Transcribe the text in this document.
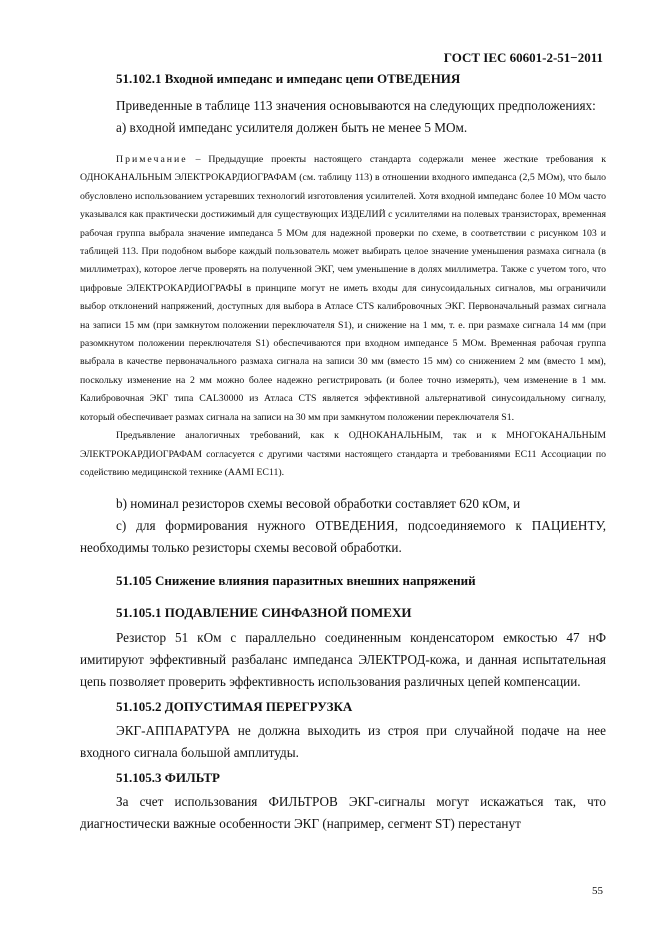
ГОСТ IEC 60601-2-51−2011

51.102.1 Входной импеданс и импеданс цепи ОТВЕДЕНИЯ

Приведенные в таблице 113 значения основываются на следующих предположениях:

а) входной импеданс усилителя должен быть не менее 5 МОм.

Примечание – Предыдущие проекты настоящего стандарта содержали менее жесткие требования к ОДНОКАНАЛЬНЫМ ЭЛЕКТРОКАРДИОГРАФАМ (см. таблицу 113) в отношении входного импеданса (2,5 МОм), что было обусловлено использованием устаревших технологий изготовления усилителей. Хотя входной импеданс более 10 МОм часто указывался как практически достижимый для существующих ИЗДЕЛИЙ с усилителями на полевых транзисторах, временная рабочая группа выбрала значение импеданса 5 МОм для надежной проверки по схеме, в соответствии с рисунком 103 и таблицей 113. При подобном выборе каждый пользователь может выбирать целое значение уменьшения размаха сигнала (в миллиметрах), которое легче проверять на полученной ЭКГ, чем уменьшение в долях миллиметра. Также с учетом того, что цифровые ЭЛЕКТРОКАРДИОГРАФЫ в принципе могут не иметь входы для синусоидальных сигналов, мы ограничили выбор отклонений напряжений, доступных для выбора в Атласе CTS калибровочных ЭКГ. Первоначальный размах сигнала на записи 15 мм (при замкнутом положении переключателя S1), и снижение на 1 мм, т. е. при размахе сигнала 14 мм (при разомкнутом положении переключателя S1) обеспечиваются при входном импедансе 5 МОм. Временная рабочая группа выбрала в качестве первоначального размаха сигнала на записи 30 мм (вместо 15 мм) со снижением 2 мм (вместо 1 мм), поскольку изменение на 2 мм можно более надежно регистрировать (и более точно измерять), чем изменение в 1 мм. Калибровочная ЭКГ типа CAL30000 из Атласа CTS является эффективной альтернативой синусоидальному сигналу, который обеспечивает размах сигнала на записи на 30 мм при замкнутом положении переключателя S1.

Предъявление аналогичных требований, как к ОДНОКАНАЛЬНЫМ, так и к МНОГОКАНАЛЬНЫМ ЭЛЕКТРОКАРДИОГРАФАМ согласуется с другими частями настоящего стандарта и требованиями EC11 Ассоциации по содействию медицинской технике (AAMI EC11).

b) номинал резисторов схемы весовой обработки составляет 620 кОм, и

с) для формирования нужного ОТВЕДЕНИЯ, подсоединяемого к ПАЦИЕНТУ, необходимы только резисторы схемы весовой обработки.

51.105 Снижение влияния паразитных внешних напряжений

51.105.1 ПОДАВЛЕНИЕ СИНФАЗНОЙ ПОМЕХИ

Резистор 51 кОм с параллельно соединенным конденсатором емкостью 47 нФ имитируют эффективный разбаланс импеданса ЭЛЕКТРОД-кожа, и данная испытательная цепь позволяет проверить эффективность использования различных цепей компенсации.

51.105.2 ДОПУСТИМАЯ ПЕРЕГРУЗКА

ЭКГ-АППАРАТУРА не должна выходить из строя при случайной подаче на нее входного сигнала большой амплитуды.

51.105.3 ФИЛЬТР

За счет использования ФИЛЬТРОВ ЭКГ-сигналы могут искажаться так, что диагностически важные особенности ЭКГ (например, сегмент ST) перестанут

55
